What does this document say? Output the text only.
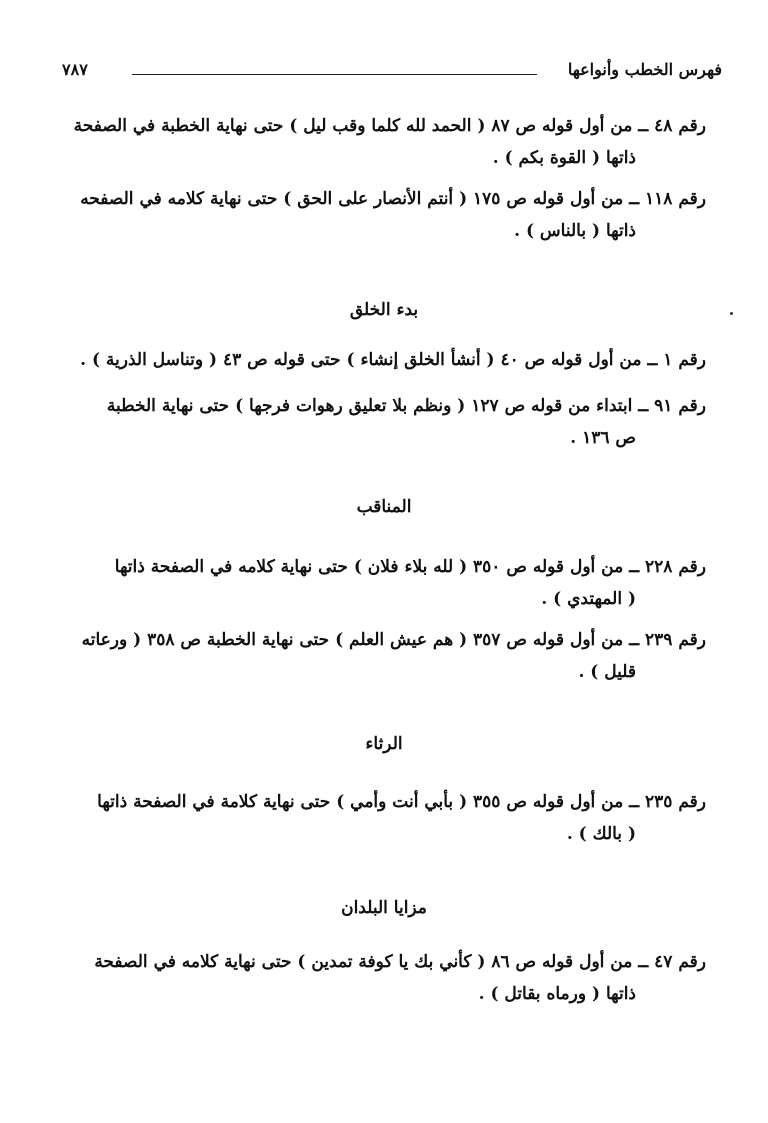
فهرس الخطب وأنواعها
٧٨٧
رقم ٤٨ ــ من أول قوله ص ٨٧ ( الحمد لله كلما وقب ليل ) حتى نهاية الخطبة في الصفحة
ذاتها ( القوة بكم ) .
رقم ١١٨ ــ من أول قوله ص ١٧٥ ( أنتم الأنصار على الحق ) حتى نهاية كلامه في الصفحه
ذاتها ( بالناس ) .
بدء الخلق
رقم ١ ــ من أول قوله ص ٤٠ ( أنشأ الخلق إنشاء ) حتى قوله ص ٤٣ ( وتناسل الذرية ) .
رقم ٩١ ــ ابتداء من قوله ص ١٢٧ ( ونظم بلا تعليق رهوات فرجها ) حتى نهاية الخطبة
ص ١٣٦ .
المناقب
رقم ٢٢٨ ــ من أول قوله ص ٣٥٠ ( لله بلاء فلان ) حتى نهاية كلامه في الصفحة ذاتها
( المهتدي ) .
رقم ٢٣٩ ــ من أول قوله ص ٣٥٧ ( هم عيش العلم ) حتى نهاية الخطبة ص ٣٥٨ ( ورعاته
قليل ) .
الرثاء
رقم ٢٣٥ ــ من أول قوله ص ٣٥٥ ( بأبي أنت وأمي ) حتى نهاية كلامة في الصفحة ذاتها
( بالك ) .
مزايا البلدان
رقم ٤٧ ــ من أول قوله ص ٨٦ ( كأني بك يا كوفة تمدين ) حتى نهاية كلامه في الصفحة
ذاتها ( ورماه بقاتل ) .
